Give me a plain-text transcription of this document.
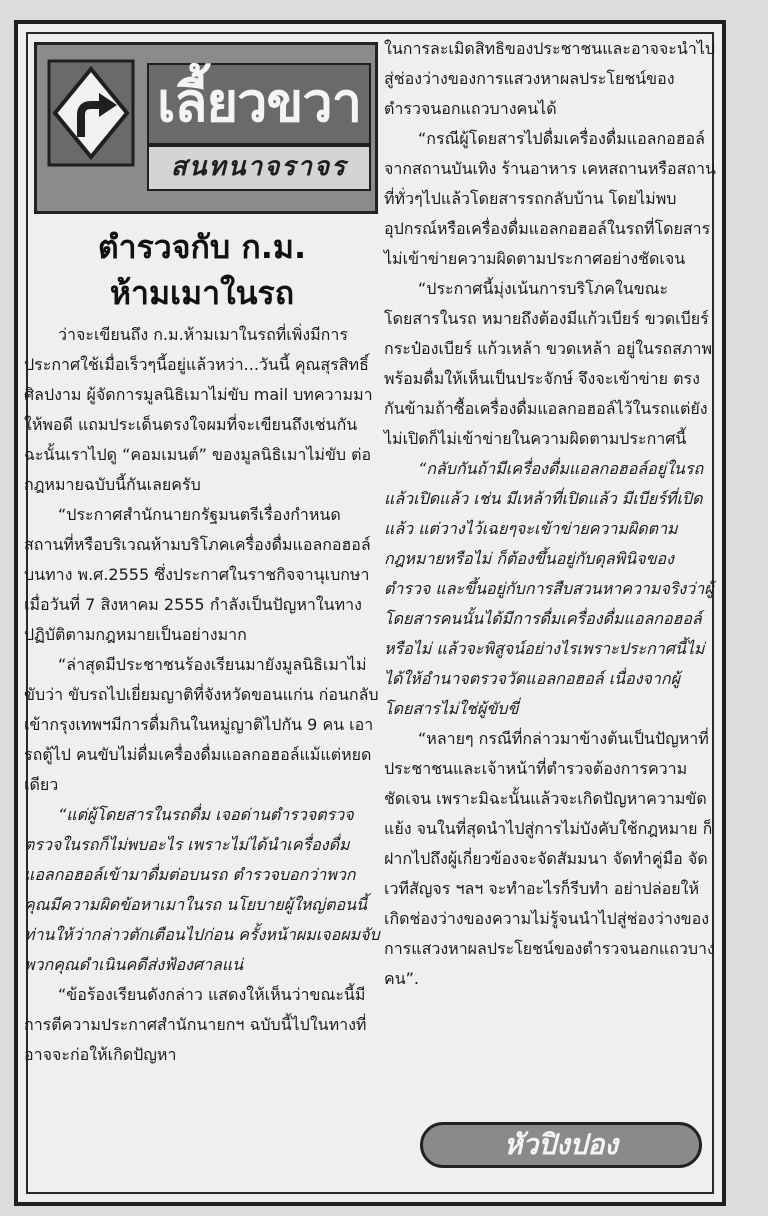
เลี้ยวขวา
สนทนาจราจร
ตำรวจกับ ก.ม.
ห้ามเมาในรถ

ว่าจะเขียนถึง ก.ม.ห้ามเมาในรถที่เพิ่งมีการประกาศใช้เมื่อเร็วๆนี้อยู่แล้วหว่า...วันนี้ คุณสุรสิทธิ์ ศิลปงาม ผู้จัดการมูลนิธิเมาไม่ขับ mail บทความมาให้พอดี แถมประเด็นตรงใจผมที่จะเขียนถึงเช่นกัน ฉะนั้นเราไปดู “คอมเมนต์” ของมูลนิธิเมาไม่ขับ ต่อกฎหมายฉบับนี้กันเลยครับ

“ประกาศสำนักนายกรัฐมนตรีเรื่องกำหนดสถานที่หรือบริเวณห้ามบริโภคเครื่องดื่มแอลกอฮอล์บนทาง พ.ศ.2555 ซึ่งประกาศในราชกิจจานุเบกษาเมื่อวันที่ 7 สิงหาคม 2555 กำลังเป็นปัญหาในทางปฏิบัติตามกฎหมายเป็นอย่างมาก

“ล่าสุดมีประชาชนร้องเรียนมายังมูลนิธิเมาไม่ขับว่า ขับรถไปเยี่ยมญาติที่จังหวัดขอนแก่น ก่อนกลับเข้ากรุงเทพฯมีการดื่มกินในหมู่ญาติไปกัน 9 คน เอารถตู้ไป คนขับไม่ดื่มเครื่องดื่มแอลกอฮอล์แม้แต่หยดเดียว

“แต่ผู้โดยสารในรถดื่ม เจอด่านตำรวจตรวจ ตรวจในรถก็ไม่พบอะไร เพราะไม่ได้นำเครื่องดื่มแอลกอฮอล์เข้ามาดื่มต่อบนรถ ตำรวจบอกว่าพวกคุณมีความผิดข้อหาเมาในรถ นโยบายผู้ใหญ่ตอนนี้ท่านให้ว่ากล่าวตักเตือนไปก่อน ครั้งหน้าผมเจอผมจับพวกคุณดำเนินคดีส่งฟ้องศาลแน่

“ข้อร้องเรียนดังกล่าว แสดงให้เห็นว่าขณะนี้มีการตีความประกาศสำนักนายกฯ ฉบับนี้ไปในทางที่อาจจะก่อให้เกิดปัญหา

ในการละเมิดสิทธิของประชาชนและอาจจะนำไปสู่ช่องว่างของการแสวงหาผลประโยชน์ของตำรวจนอกแถวบางคนได้

“กรณีผู้โดยสารไปดื่มเครื่องดื่มแอลกอฮอล์จากสถานบันเทิง ร้านอาหาร เคหสถานหรือสถานที่ทั่วๆไปแล้วโดยสารรถกลับบ้าน โดยไม่พบอุปกรณ์หรือเครื่องดื่มแอลกอฮอล์ในรถที่โดยสาร ไม่เข้าข่ายความผิดตามประกาศอย่างชัดเจน

“ประกาศนี้มุ่งเน้นการบริโภคในขณะโดยสารในรถ หมายถึงต้องมีแก้วเบียร์ ขวดเบียร์ กระป๋องเบียร์ แก้วเหล้า ขวดเหล้า อยู่ในรถสภาพพร้อมดื่มให้เห็นเป็นประจักษ์ จึงจะเข้าข่าย ตรงกันข้ามถ้าซื้อเครื่องดื่มแอลกอฮอล์ไว้ในรถแต่ยังไม่เปิดก็ไม่เข้าข่ายในความผิดตามประกาศนี้

“กลับกันถ้ามีเครื่องดื่มแอลกอฮอล์อยู่ในรถแล้วเปิดแล้ว เช่น มีเหล้าที่เปิดแล้ว มีเบียร์ที่เปิดแล้ว แต่วางไว้เฉยๆจะเข้าข่ายความผิดตามกฎหมายหรือไม่ ก็ต้องขึ้นอยู่กับดุลพินิจของตำรวจ และขึ้นอยู่กับการสืบสวนหาความจริงว่าผู้โดยสารคนนั้นได้มีการดื่มเครื่องดื่มแอลกอฮอล์หรือไม่ แล้วจะพิสูจน์อย่างไรเพราะประกาศนี้ไม่ได้ให้อำนาจตรวจวัดแอลกอฮอล์ เนื่องจากผู้โดยสารไม่ใช่ผู้ขับขี่

“หลายๆ กรณีที่กล่าวมาข้างต้นเป็นปัญหาที่ประชาชนและเจ้าหน้าที่ตำรวจต้องการความชัดเจน เพราะมิฉะนั้นแล้วจะเกิดปัญหาความขัดแย้ง จนในที่สุดนำไปสู่การไม่บังคับใช้กฎหมาย ก็ฝากไปถึงผู้เกี่ยวข้องจะจัดสัมมนา จัดทำคู่มือ จัดเวทีสัญจร ฯลฯ จะทำอะไรก็รีบทำ อย่าปล่อยให้เกิดช่องว่างของความไม่รู้จนนำไปสู่ช่องว่างของการแสวงหาผลประโยชน์ของตำรวจนอกแถวบางคน”.

หัวปิงปอง
